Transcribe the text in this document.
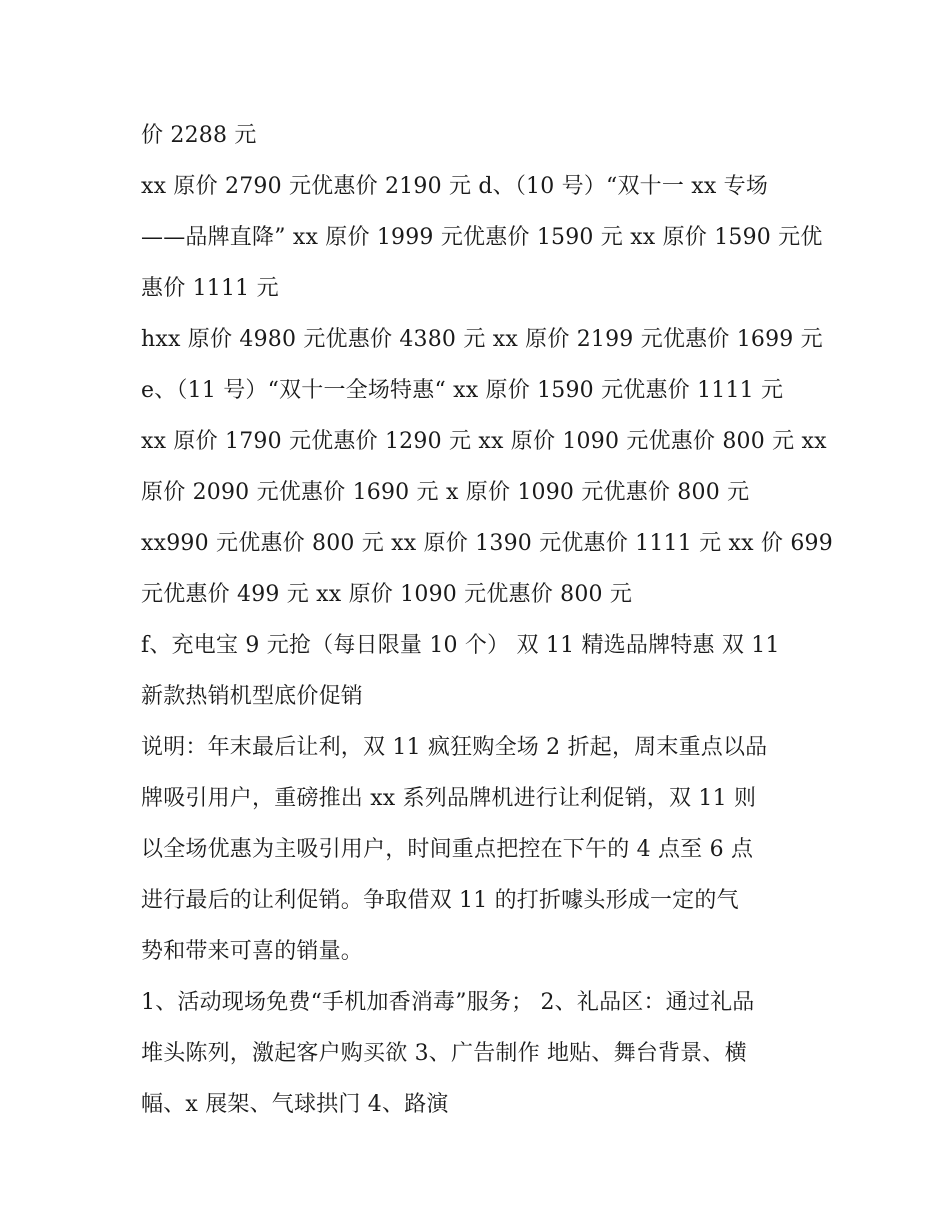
价 2288 元
xx 原价 2790 元优惠价 2190 元 d、（10 号）“双十一 xx 专场
——品牌直降” xx 原价 1999 元优惠价 1590 元 xx 原价 1590 元优
惠价 1111 元
hxx 原价 4980 元优惠价 4380 元 xx 原价 2199 元优惠价 1699 元
e、（11 号）“双十一全场特惠“ xx 原价 1590 元优惠价 1111 元
xx 原价 1790 元优惠价 1290 元 xx 原价 1090 元优惠价 800 元 xx
原价 2090 元优惠价 1690 元 x 原价 1090 元优惠价 800 元
xx990 元优惠价 800 元 xx 原价 1390 元优惠价 1111 元 xx 价 699
元优惠价 499 元 xx 原价 1090 元优惠价 800 元
f、充电宝 9 元抢（每日限量 10 个） 双 11 精选品牌特惠 双 11
新款热销机型底价促销
说明：年末最后让利，双 11 疯狂购全场 2 折起，周末重点以品
牌吸引用户，重磅推出 xx 系列品牌机进行让利促销，双 11 则
以全场优惠为主吸引用户，时间重点把控在下午的 4 点至 6 点
进行最后的让利促销。争取借双 11 的打折噱头形成一定的气
势和带来可喜的销量。
1、活动现场免费“手机加香消毒”服务； 2、礼品区：通过礼品
堆头陈列，激起客户购买欲 3、广告制作 地贴、舞台背景、横
幅、x 展架、气球拱门 4、路演
